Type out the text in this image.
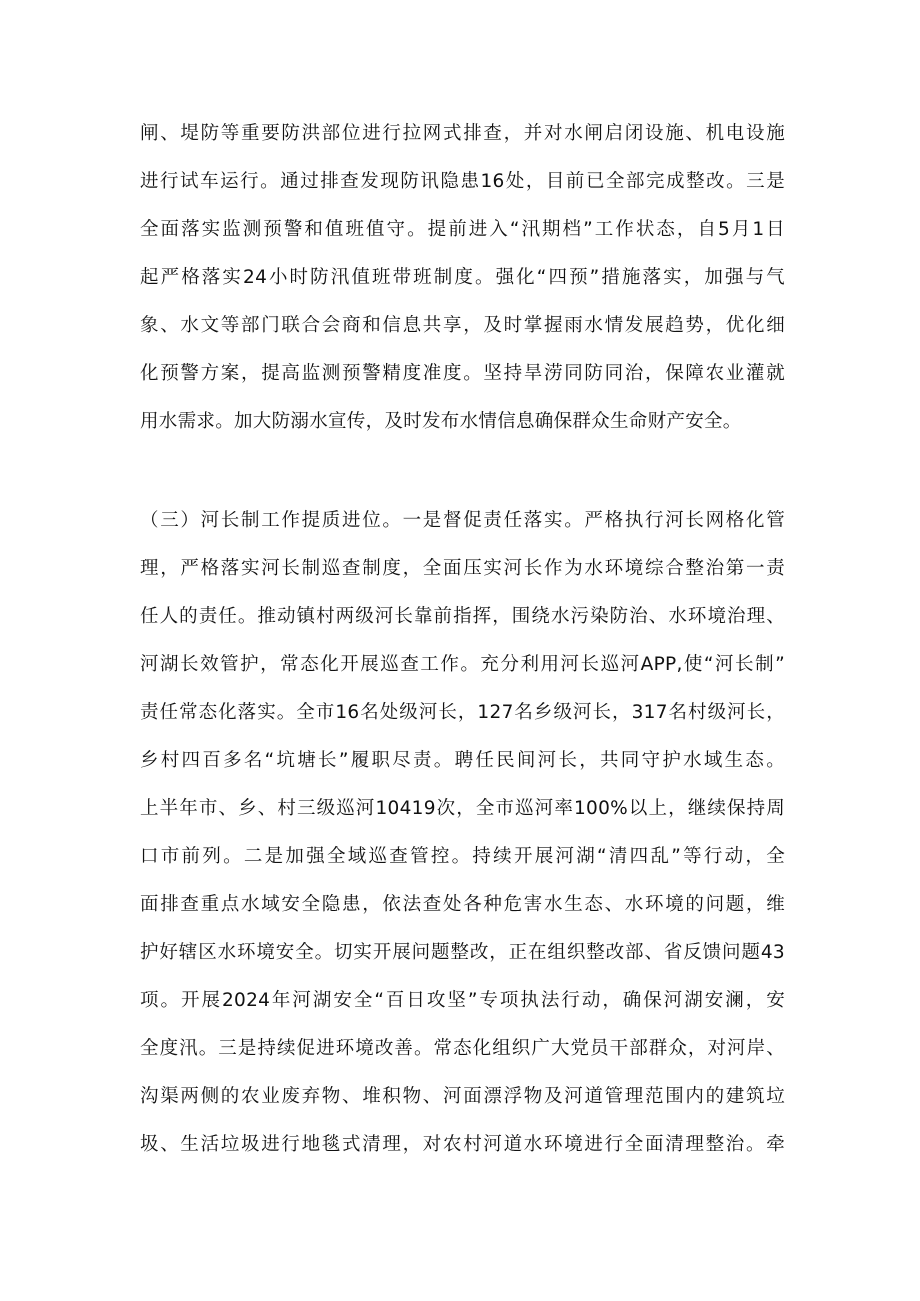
闸、堤防等重要防洪部位进行拉网式排查，并对水闸启闭设施、机电设施
进行试车运行。通过排查发现防讯隐患16处，目前已全部完成整改。三是
全面落实监测预警和值班值守。提前进入“汛期档”工作状态，自5月1日
起严格落实24小时防汛值班带班制度。强化“四预”措施落实，加强与气
象、水文等部门联合会商和信息共享，及时掌握雨水情发展趋势，优化细
化预警方案，提高监测预警精度准度。坚持旱涝同防同治，保障农业灌就
用水需求。加大防溺水宣传，及时发布水情信息确保群众生命财产安全。
（三）河长制工作提质进位。一是督促责任落实。严格执行河长网格化管
理，严格落实河长制巡查制度，全面压实河长作为水环境综合整治第一责
任人的责任。推动镇村两级河长靠前指挥，围绕水污染防治、水环境治理、
河湖长效管护，常态化开展巡查工作。充分利用河长巡河APP,使“河长制”
责任常态化落实。全市16名处级河长，127名乡级河长，317名村级河长，
乡村四百多名“坑塘长”履职尽责。聘任民间河长，共同守护水域生态。
上半年市、乡、村三级巡河10419次，全市巡河率100%以上，继续保持周
口市前列。二是加强全域巡查管控。持续开展河湖“清四乱”等行动，全
面排查重点水域安全隐患，依法查处各种危害水生态、水环境的问题，维
护好辖区水环境安全。切实开展问题整改，正在组织整改部、省反馈问题43
项。开展2024年河湖安全“百日攻坚”专项执法行动，确保河湖安澜，安
全度汛。三是持续促进环境改善。常态化组织广大党员干部群众，对河岸、
沟渠两侧的农业废弃物、堆积物、河面漂浮物及河道管理范围内的建筑垃
圾、生活垃圾进行地毯式清理，对农村河道水环境进行全面清理整治。牵
